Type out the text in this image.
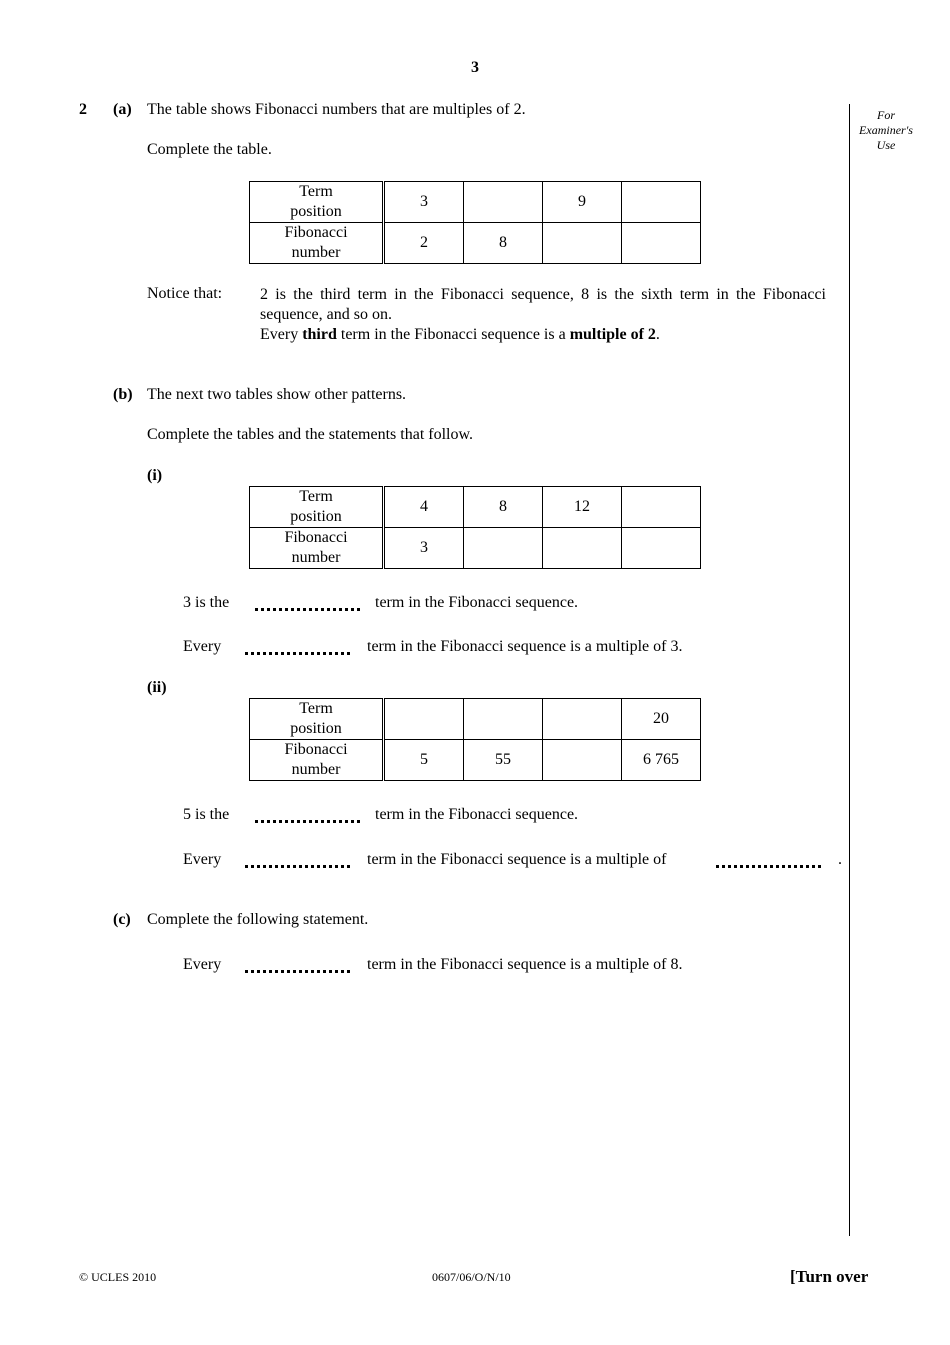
3
For
Examiner's
Use
2 (a) The table shows Fibonacci numbers that are multiples of 2.
Complete the table.
Term
position	3		9	

Fibonacci
number	2	8		
Notice that: 2 is the third term in the Fibonacci sequence, 8 is the sixth term in the Fibonacci sequence, and so on.

Every third term in the Fibonacci sequence is a multiple of 2.

(b) The next two tables show other patterns.
Complete the tables and the statements that follow.
(i)
Term
position	4	8	12	

Fibonacci
number	3			
3 is the	term in the Fibonacci sequence.
Every	term in the Fibonacci sequence is a multiple of 3.
(ii)
Term
position				20

Fibonacci
number	5	55		6 765
5 is the	term in the Fibonacci sequence.
Every	term in the Fibonacci sequence is a multiple of	.
(c) Complete the following statement.
Every	term in the Fibonacci sequence is a multiple of 8.
© UCLES 2010	0607/06/O/N/10	[Turn over
